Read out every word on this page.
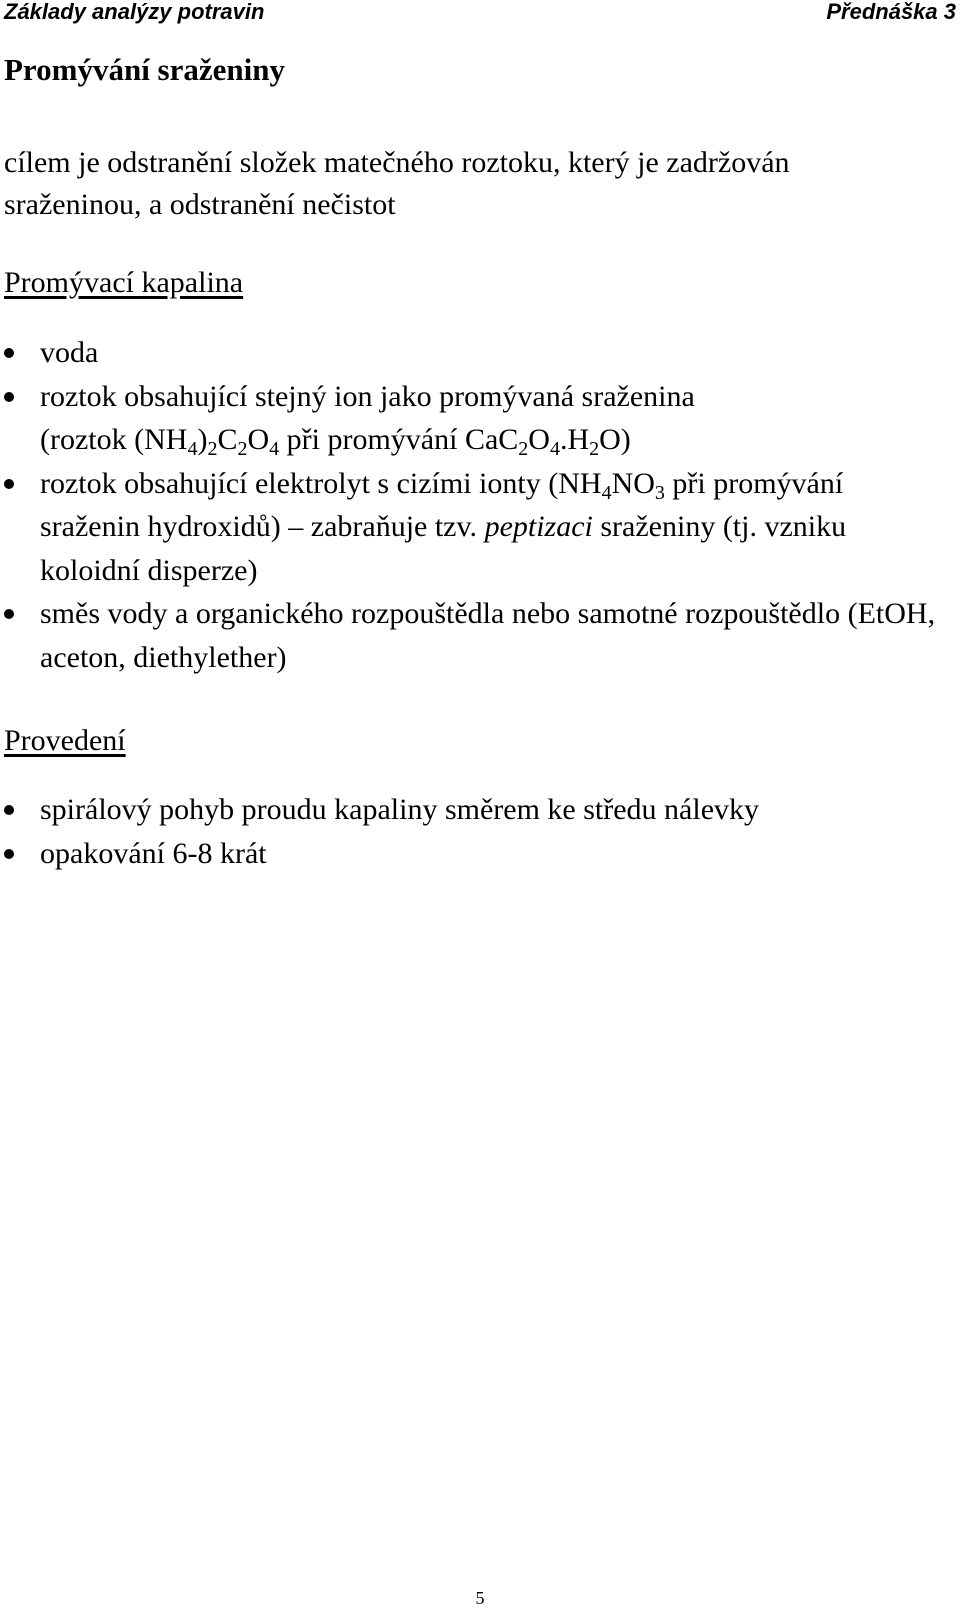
Základy analýzy potravin	Přednáška 3
Promývání sraženiny
cílem je odstranění složek matečného roztoku, který je zadržován sraženinou, a odstranění nečistot
Promývací kapalina
voda
roztok obsahující stejný ion jako promývaná sraženina
(roztok $(NH_4)_2C_2O_4$ při promývání $CaC_2O_4.H_2O$)
roztok obsahující elektrolyt s cizími ionty ($NH_4NO_3$ při promývání sraženin hydroxidů) – zabraňuje tzv. peptizaci sraženiny (tj. vzniku koloidní disperze)
směs vody a organického rozpouštědla nebo samotné rozpouštědlo (EtOH, aceton, diethylether)
Provedení
spirálový pohyb proudu kapaliny směrem ke středu nálevky
opakování 6-8 krát
5
